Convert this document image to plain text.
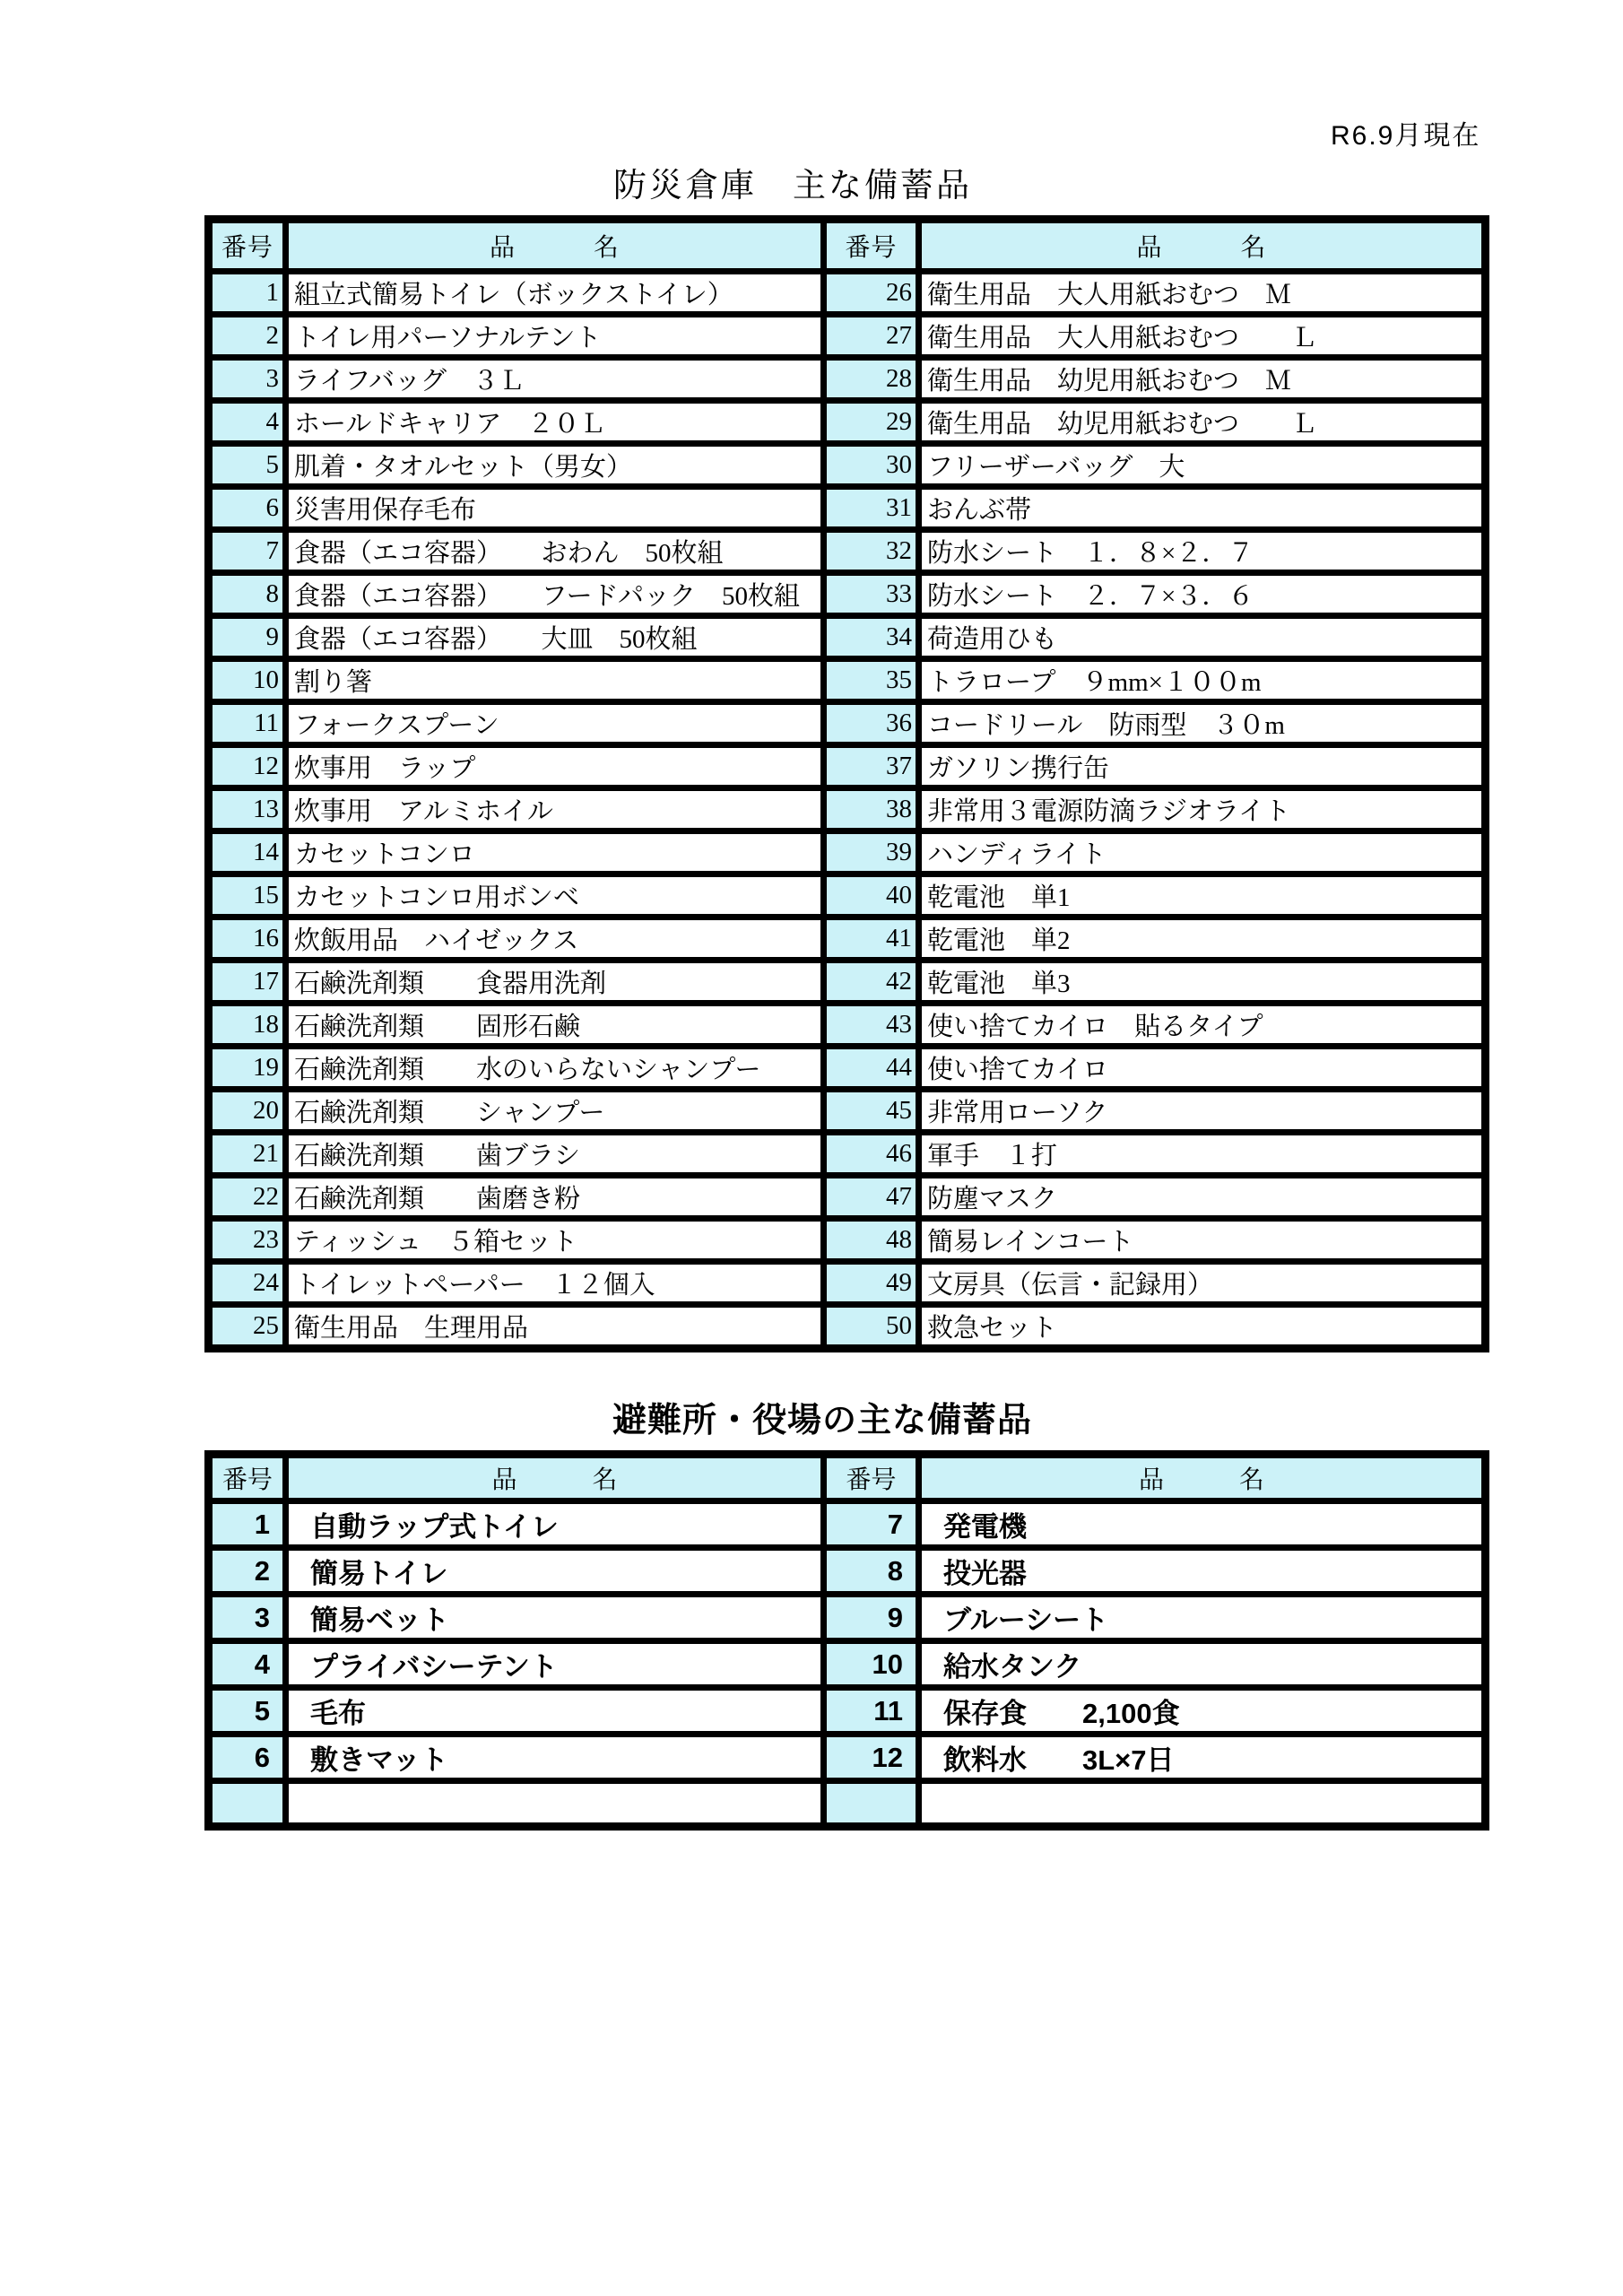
R6.9月現在
防災倉庫　主な備蓄品
番号	品　　　名	番号	品　　　名
1	組立式簡易トイレ（ボックストイレ）	26	衛生用品　大人用紙おむつ　Ｍ
2	トイレ用パーソナルテント	27	衛生用品　大人用紙おむつ　　Ｌ
3	ライフバッグ　３Ｌ	28	衛生用品　幼児用紙おむつ　Ｍ
4	ホールドキャリア　２０Ｌ	29	衛生用品　幼児用紙おむつ　　Ｌ
5	肌着・タオルセット（男女）	30	フリーザーバッグ　大
6	災害用保存毛布	31	おんぶ帯
7	食器（エコ容器）　　おわん　50枚組	32	防水シート　１．８×２．７
8	食器（エコ容器）　　フードパック　50枚組	33	防水シート　２．７×３．６
9	食器（エコ容器）　　大皿　50枚組	34	荷造用ひも
10	割り箸	35	トラロープ　９mm×１００m
11	フォークスプーン	36	コードリール　防雨型　３０m
12	炊事用　ラップ	37	ガソリン携行缶
13	炊事用　アルミホイル	38	非常用３電源防滴ラジオライト
14	カセットコンロ	39	ハンディライト
15	カセットコンロ用ボンベ	40	乾電池　単1
16	炊飯用品　ハイゼックス	41	乾電池　単2
17	石鹸洗剤類　　食器用洗剤	42	乾電池　単3
18	石鹸洗剤類　　固形石鹸	43	使い捨てカイロ　貼るタイプ
19	石鹸洗剤類　　水のいらないシャンプー	44	使い捨てカイロ
20	石鹸洗剤類　　シャンプー	45	非常用ローソク
21	石鹸洗剤類　　歯ブラシ	46	軍手　１打
22	石鹸洗剤類　　歯磨き粉	47	防塵マスク
23	ティッシュ　５箱セット	48	簡易レインコート
24	トイレットペーパー　１２個入	49	文房具（伝言・記録用）
25	衛生用品　生理用品	50	救急セット
避難所・役場の主な備蓄品
番号	品　　　名	番号	品　　　名
1	自動ラップ式トイレ	7	発電機
2	簡易トイレ	8	投光器
3	簡易ベット	9	ブルーシート
4	プライバシーテント	10	給水タンク
5	毛布	11	保存食　　2,100食
6	敷きマット	12	飲料水　　3L×7日
